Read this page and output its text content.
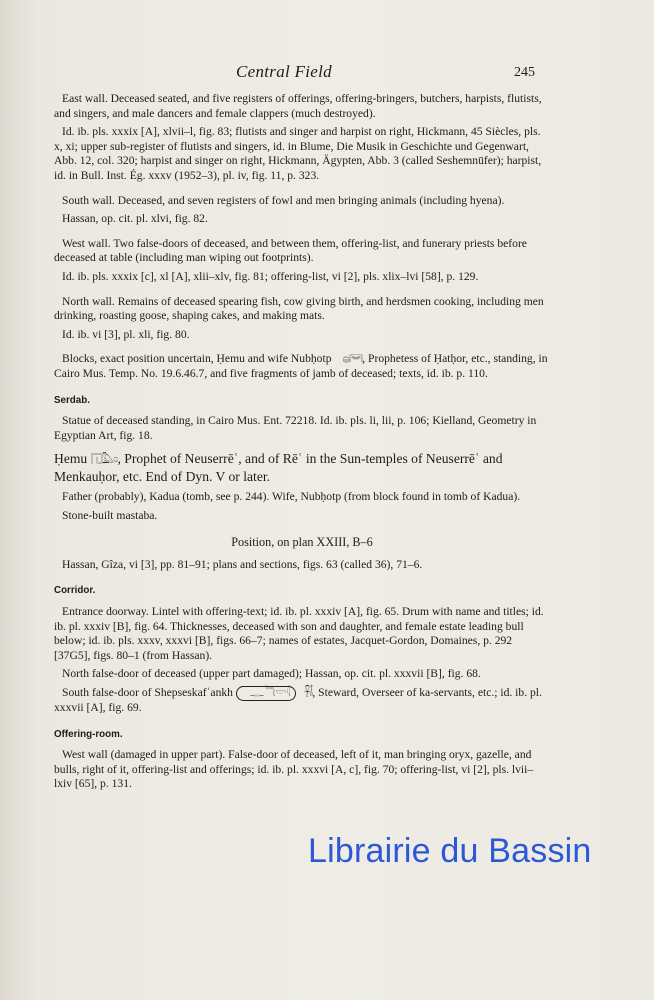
Central Field	245

East wall. Deceased seated, and five registers of offerings, offering-bringers, butchers, harpists, flutists, and singers, and male dancers and female clappers (much destroyed).

Id. ib. pls. xxxix [A], xlvii–l, fig. 83; flutists and singer and harpist on right, Hickmann, 45 Siècles, pls. x, xi; upper sub-register of flutists and singers, id. in Blume, Die Musik in Geschichte und Gegenwart, Abb. 12, col. 320; harpist and singer on right, Hickmann, Ägypten, Abb. 3 (called Seshemnūfer); harpist, id. in Bull. Inst. Ég. xxxv (1952–3), pl. iv, fig. 11, p. 323.

South wall. Deceased, and seven registers of fowl and men bringing animals (including hyena).

Hassan, op. cit. pl. xlvi, fig. 82.

West wall. Two false-doors of deceased, and between them, offering-list, and funerary priests before deceased at table (including man wiping out footprints).

Id. ib. pls. xxxix [c], xl [A], xlii–xlv, fig. 81; offering-list, vi [2], pls. xlix–lvi [58], p. 129.

North wall. Remains of deceased spearing fish, cow giving birth, and herdsmen cooking, including men drinking, roasting goose, shaping cakes, and making mats.

Id. ib. vi [3], pl. xli, fig. 80.

Blocks, exact position uncertain, Ḥemu and wife Nubḥotp 𓐍𓋞, Prophetess of Ḥatḥor, etc., standing, in Cairo Mus. Temp. No. 19.6.46.7, and five fragments of jamb of deceased; texts, id. ib. p. 110.

Serdab.

Statue of deceased standing, in Cairo Mus. Ent. 72218. Id. ib. pls. li, lii, p. 106; Kielland, Geometry in Egyptian Art, fig. 18.

Ḥemu 𓉔𓅓𓏌, Prophet of Neuserrēʿ, and of Rēʿ in the Sun-temples of Neuserrēʿ and Menkauḥor, etc. End of Dyn. V or later.

Father (probably), Kadua (tomb, see p. 244). Wife, Nubḥotp (from block found in tomb of Kadua).

Stone-built mastaba.

Position, on plan XXIII, B–6

Hassan, Gîza, vi [3], pp. 81–91; plans and sections, figs. 63 (called 36), 71–6.

Corridor.

Entrance doorway. Lintel with offering-text; id. ib. pl. xxxiv [A], fig. 65. Drum with name and titles; id. ib. pl. xxxiv [B], fig. 64. Thicknesses, deceased with son and daughter, and female estate leading bull below; id. ib. pls. xxxv, xxxvi [B], figs. 66–7; names of estates, Jacquet-Gordon, Domaines, p. 292 [37G5], figs. 80–1 (from Hassan).

North false-door of deceased (upper part damaged); Hassan, op. cit. pl. xxxvii [B], fig. 68.

South false-door of Shepseskafʿankh 𓊃𓆓𓎡𓇋 𓋹𓄤, Steward, Overseer of ka-servants, etc.; id. ib. pl. xxxvii [A], fig. 69.

Offering-room.

West wall (damaged in upper part). False-door of deceased, left of it, man bringing oryx, gazelle, and bulls, right of it, offering-list and offerings; id. ib. pl. xxxvi [A, c], fig. 70; offering-list, vi [2], pls. lvii–lxiv [65], p. 131.

Librairie du Bassin
